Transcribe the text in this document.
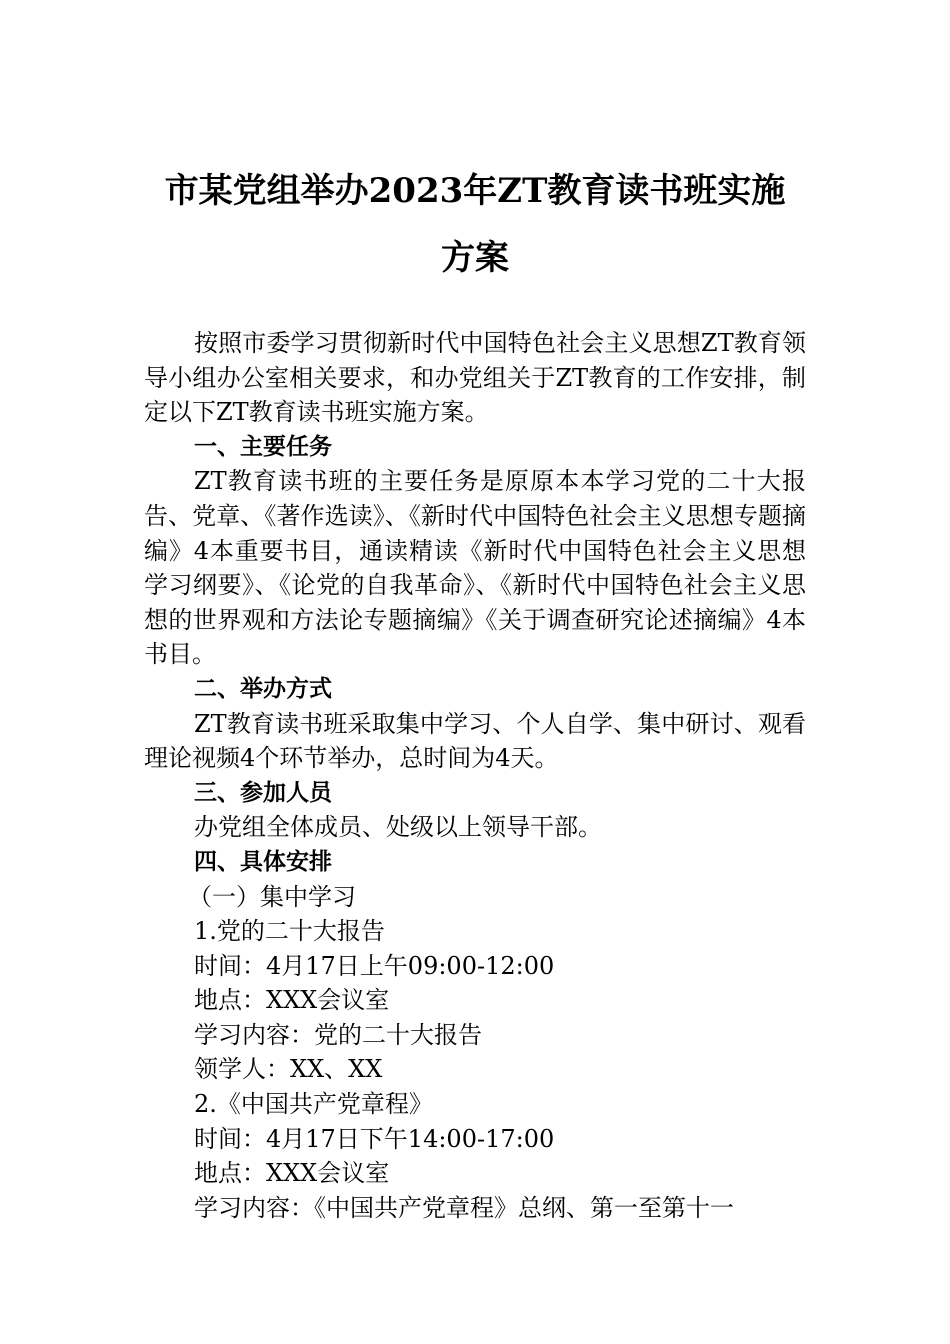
市某党组举办2023年ZT教育读书班实施
方案

按照市委学习贯彻新时代中国特色社会主义思想ZT教育领导小组办公室相关要求，和办党组关于ZT教育的工作安排，制定以下ZT教育读书班实施方案。

一、主要任务

ZT教育读书班的主要任务是原原本本学习党的二十大报告、党章、《著作选读》、《新时代中国特色社会主义思想专题摘编》4本重要书目，通读精读《新时代中国特色社会主义思想学习纲要》、《论党的自我革命》、《新时代中国特色社会主义思想的世界观和方法论专题摘编》《关于调查研究论述摘编》4本书目。

二、举办方式

ZT教育读书班采取集中学习、个人自学、集中研讨、观看理论视频4个环节举办，总时间为4天。

三、参加人员

办党组全体成员、处级以上领导干部。

四、具体安排

（一）集中学习

1.党的二十大报告

时间：4月17日上午09:00-12:00

地点：XXX会议室

学习内容：党的二十大报告

领学人：XX、XX

2.《中国共产党章程》

时间：4月17日下午14:00-17:00

地点：XXX会议室

学习内容：《中国共产党章程》总纲、第一至第十一
